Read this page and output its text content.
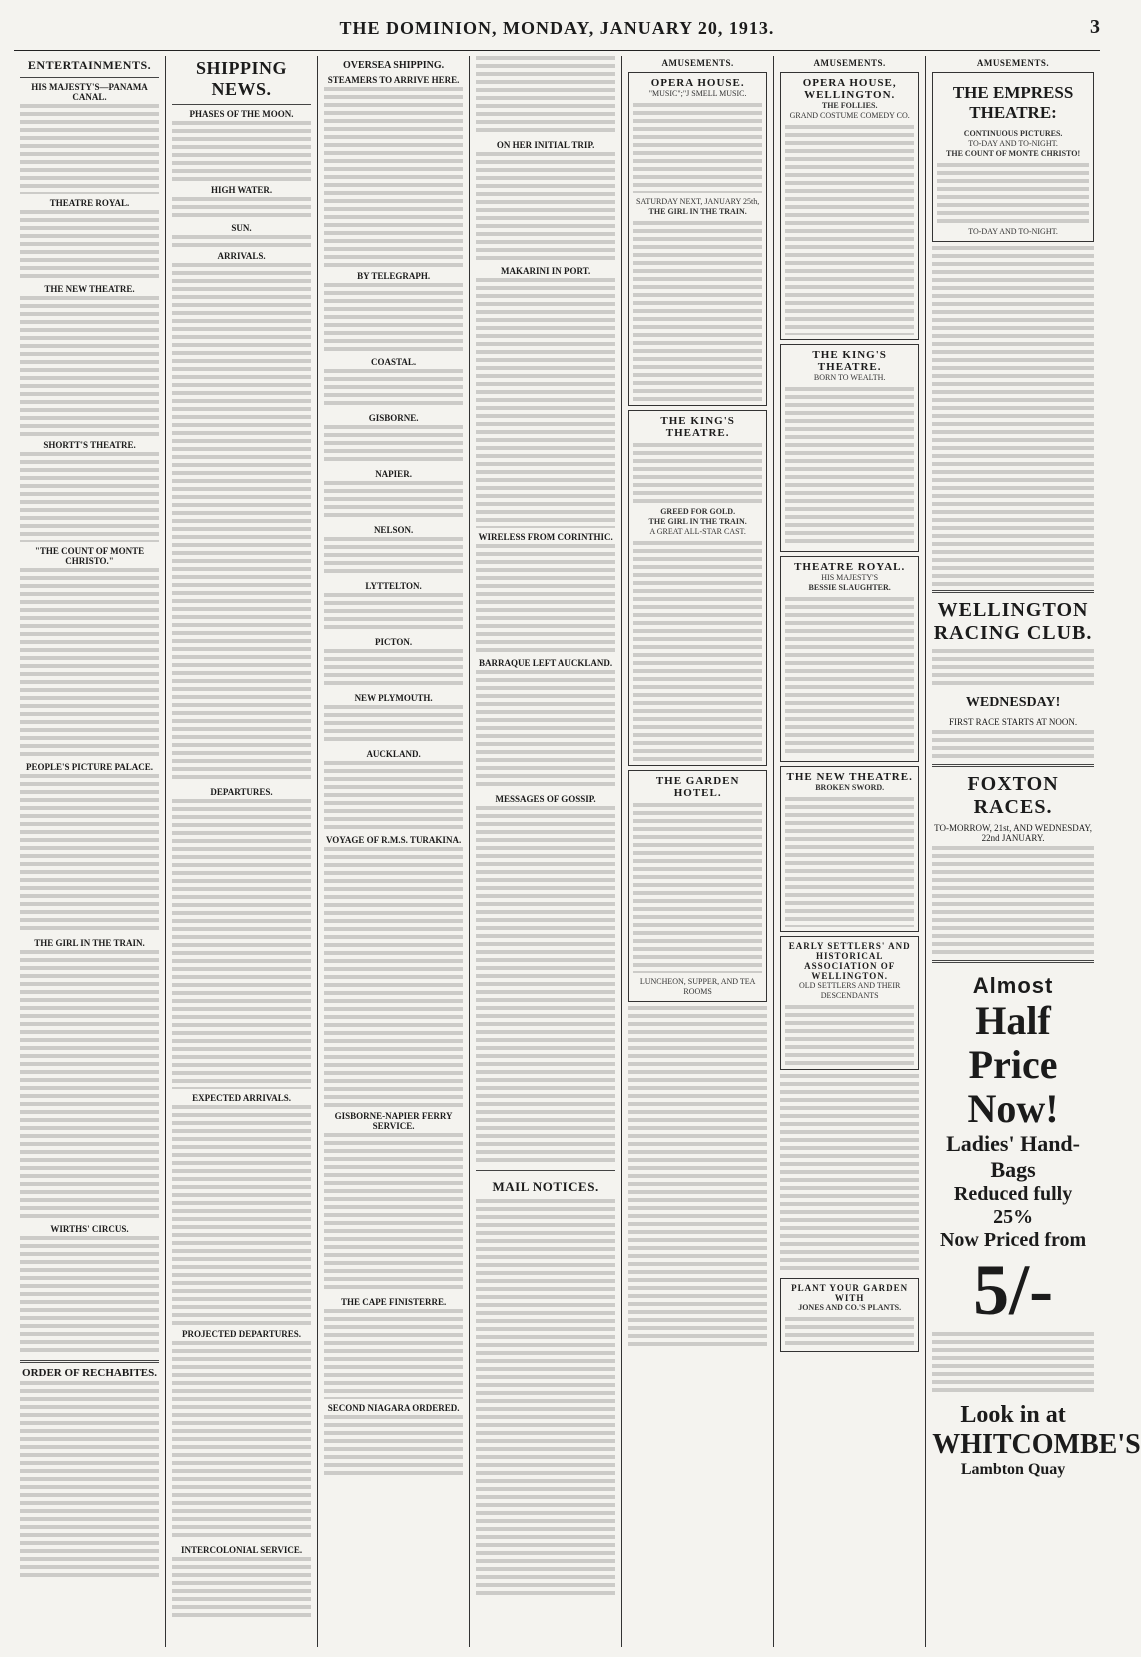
THE DOMINION, MONDAY, JANUARY 20, 1913.	3
ENTERTAINMENTS.
HIS MAJESTY'S—PANAMA CANAL.
THEATRE ROYAL.
THE NEW THEATRE.
SHORTT'S THEATRE.
"THE COUNT OF MONTE CHRISTO."
PEOPLE'S PICTURE PALACE.
THE GIRL IN THE TRAIN.
WIRTHS' CIRCUS.
ORDER OF RECHABITES.
SHIPPING NEWS.
PHASES OF THE MOON.
HIGH WATER.
SUN.
ARRIVALS.
DEPARTURES.
EXPECTED ARRIVALS.
PROJECTED DEPARTURES.
INTERCOLONIAL SERVICE.
OVERSEA SHIPPING.
STEAMERS TO ARRIVE HERE.
BY TELEGRAPH.
COASTAL.
GISBORNE.
NAPIER.
NELSON.
LYTTELTON.
PICTON.
NEW PLYMOUTH.
AUCKLAND.
VOYAGE OF R.M.S. TURAKINA.
GISBORNE-NAPIER FERRY SERVICE.
THE CAPE FINISTERRE.
SECOND NIAGARA ORDERED.
ON HER INITIAL TRIP.
MAKARINI IN PORT.
WIRELESS FROM CORINTHIC.
BARRAQUE LEFT AUCKLAND.
MESSAGES OF GOSSIP.
MAIL NOTICES.
AMUSEMENTS.
OPERA HOUSE.
"MUSIC";"J SMELL MUSIC.
SATURDAY NEXT, JANUARY 25th,
THE GIRL IN THE TRAIN.
THE KING'S THEATRE.
GREED FOR GOLD.
THE GIRL IN THE TRAIN.
A GREAT ALL-STAR CAST.
THE GARDEN HOTEL.
LUNCHEON, SUPPER, AND TEA ROOMS
AMUSEMENTS.
OPERA HOUSE, WELLINGTON.
THE FOLLIES.
GRAND COSTUME COMEDY CO.
THE KING'S THEATRE.
BORN TO WEALTH.
THEATRE ROYAL.
HIS MAJESTY'S
BESSIE SLAUGHTER.
THE NEW THEATRE.
BROKEN SWORD.
EARLY SETTLERS' AND HISTORICAL ASSOCIATION OF WELLINGTON.
OLD SETTLERS AND THEIR DESCENDANTS
PLANT YOUR GARDEN WITH
JONES AND CO.'S PLANTS.
AMUSEMENTS.
THE EMPRESS THEATRE:
CONTINUOUS PICTURES.
TO-DAY AND TO-NIGHT.
THE COUNT OF MONTE CHRISTO!
TO-DAY AND TO-NIGHT.
WELLINGTON RACING CLUB.
WEDNESDAY!
FIRST RACE STARTS AT NOON.
FOXTON RACES.
TO-MORROW, 21st, AND WEDNESDAY, 22nd JANUARY.
Almost
Half Price Now!
Ladies' Hand-Bags
Reduced fully 25%
Now Priced from
5/-
Look in at
WHITCOMBE'S
Lambton Quay
